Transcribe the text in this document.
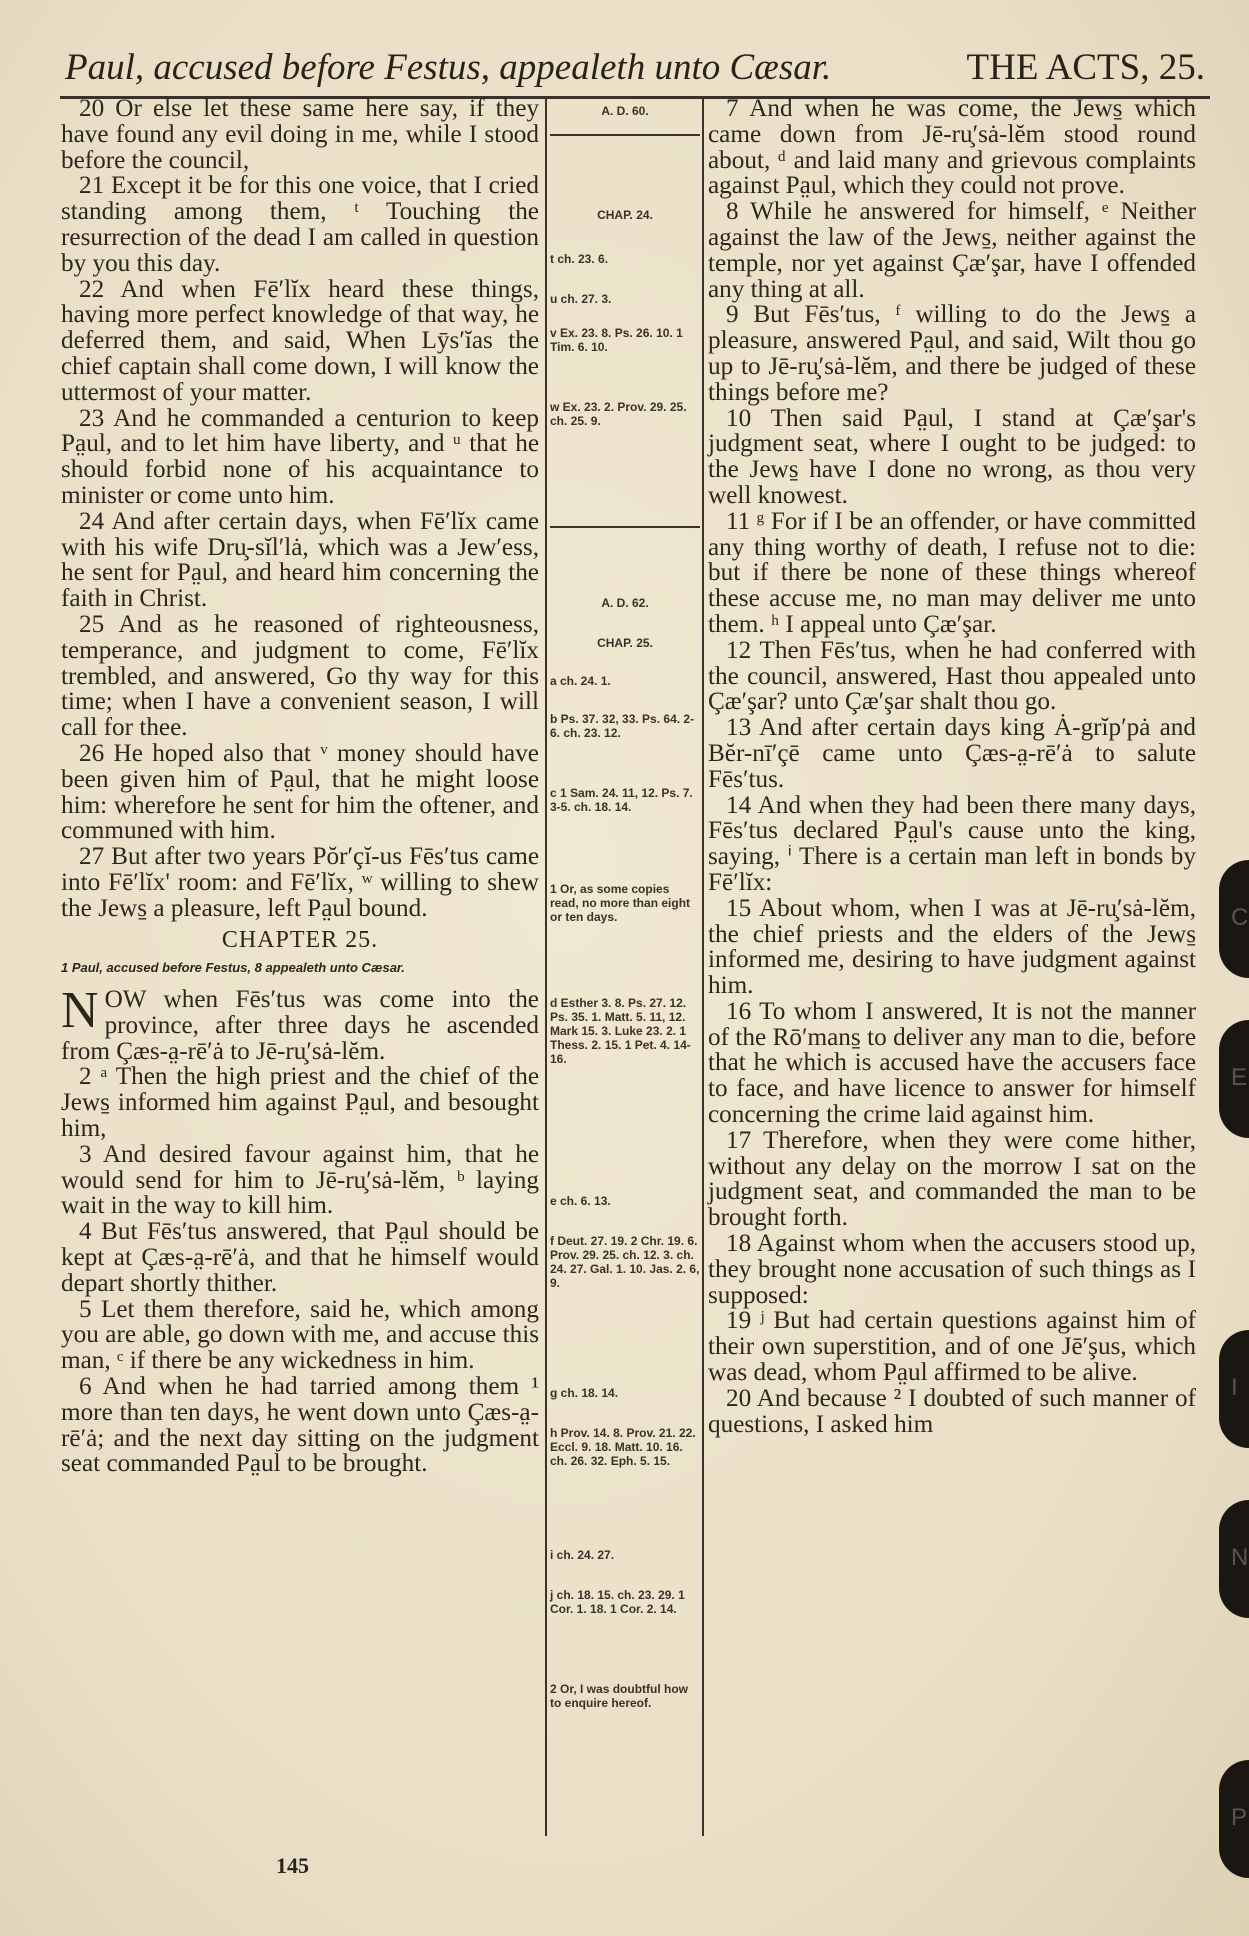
Paul, accused before Festus, appealeth unto Cæsar.	THE ACTS, 25.

20 Or else let these same here say, if they have found any evil doing in me, while I stood before the council,

21 Except it be for this one voice, that I cried standing among them, ᵗ Touching the resurrection of the dead I am called in question by you this day.

22 And when Fē′lĭx heard these things, having more perfect knowledge of that way, he deferred them, and said, When Lȳs′ĭas the chief captain shall come down, I will know the uttermost of your matter.

23 And he commanded a centurion to keep Pa̤ul, and to let him have liberty, and ᵘ that he should forbid none of his acquaintance to minister or come unto him.

24 And after certain days, when Fē′lĭx came with his wife Dru̧-sĭl′lȧ, which was a Jew′ess, he sent for Pa̤ul, and heard him concerning the faith in Christ.

25 And as he reasoned of righteousness, temperance, and judgment to come, Fē′lĭx trembled, and answered, Go thy way for this time; when I have a convenient season, I will call for thee.

26 He hoped also that ᵛ money should have been given him of Pa̤ul, that he might loose him: wherefore he sent for him the oftener, and communed with him.

27 But after two years Pŏr′çĭ-us Fēs′tus came into Fē′lĭx' room: and Fē′lĭx, ʷ willing to shew the Jews̱ a pleasure, left Pa̤ul bound.

CHAPTER 25.

1 Paul, accused before Festus, 8 appealeth unto Cæsar.

N OW when Fēs′tus was come into the province, after three days he ascended from Çæs-a̤-rē′ȧ to Jē-ru̧′sȧ-lĕm.

2 ᵃ Then the high priest and the chief of the Jews̱ informed him against Pa̤ul, and besought him,

3 And desired favour against him, that he would send for him to Jē-ru̧′sȧ-lĕm, ᵇ laying wait in the way to kill him.

4 But Fēs′tus answered, that Pa̤ul should be kept at Çæs-a̤-rē′ȧ, and that he himself would depart shortly thither.

5 Let them therefore, said he, which among you are able, go down with me, and accuse this man, ᶜ if there be any wickedness in him.

6 And when he had tarried among them ¹ more than ten days, he went down unto Çæs-a̤-rē′ȧ; and the next day sitting on the judgment seat commanded Pa̤ul to be brought.

A. D. 60.
CHAP. 24.
t ch. 23. 6.
u ch. 27. 3.
v Ex. 23. 8. Ps. 26. 10. 1 Tim. 6. 10.
w Ex. 23. 2. Prov. 29. 25. ch. 25. 9.
A. D. 62.
CHAP. 25.
a ch. 24. 1.
b Ps. 37. 32, 33. Ps. 64. 2-6. ch. 23. 12.
c 1 Sam. 24. 11, 12. Ps. 7. 3-5. ch. 18. 14.
1 Or, as some copies read, no more than eight or ten days.
d Esther 3. 8. Ps. 27. 12. Ps. 35. 1. Matt. 5. 11, 12. Mark 15. 3. Luke 23. 2. 1 Thess. 2. 15. 1 Pet. 4. 14-16.
e ch. 6. 13.
f Deut. 27. 19. 2 Chr. 19. 6. Prov. 29. 25. ch. 12. 3. ch. 24. 27. Gal. 1. 10. Jas. 2. 6, 9.
g ch. 18. 14.
h Prov. 14. 8. Prov. 21. 22. Eccl. 9. 18. Matt. 10. 16. ch. 26. 32. Eph. 5. 15.
i ch. 24. 27.
j ch. 18. 15. ch. 23. 29. 1 Cor. 1. 18. 1 Cor. 2. 14.
2 Or, I was doubtful how to enquire hereof.

7 And when he was come, the Jews̱ which came down from Jē-ru̧′sȧ-lĕm stood round about, ᵈ and laid many and grievous complaints against Pa̤ul, which they could not prove.

8 While he answered for himself, ᵉ Neither against the law of the Jews̱, neither against the temple, nor yet against Çæ′şar, have I offended any thing at all.

9 But Fēs′tus, ᶠ willing to do the Jews̱ a pleasure, answered Pa̤ul, and said, Wilt thou go up to Jē-ru̧′sȧ-lĕm, and there be judged of these things before me?

10 Then said Pa̤ul, I stand at Çæ′şar's judgment seat, where I ought to be judged: to the Jews̱ have I done no wrong, as thou very well knowest.

11 ᵍ For if I be an offender, or have committed any thing worthy of death, I refuse not to die: but if there be none of these things whereof these accuse me, no man may deliver me unto them. ʰ I appeal unto Çæ′şar.

12 Then Fēs′tus, when he had conferred with the council, answered, Hast thou appealed unto Çæ′şar? unto Çæ′şar shalt thou go.

13 And after certain days king Ȧ-grĭp′pȧ and Bĕr-nī′çē came unto Çæs-a̤-rē′ȧ to salute Fēs′tus.

14 And when they had been there many days, Fēs′tus declared Pa̤ul's cause unto the king, saying, ⁱ There is a certain man left in bonds by Fē′lĭx:

15 About whom, when I was at Jē-ru̧′sȧ-lĕm, the chief priests and the elders of the Jews̱ informed me, desiring to have judgment against him.

16 To whom I answered, It is not the manner of the Rō′mans̱ to deliver any man to die, before that he which is accused have the accusers face to face, and have licence to answer for himself concerning the crime laid against him.

17 Therefore, when they were come hither, without any delay on the morrow I sat on the judgment seat, and commanded the man to be brought forth.

18 Against whom when the accusers stood up, they brought none accusation of such things as I supposed:

19 ʲ But had certain questions against him of their own superstition, and of one Jē′şus, which was dead, whom Pa̤ul affirmed to be alive.

20 And because ² I doubted of such manner of questions, I asked him

145
C
E
I
N
P
